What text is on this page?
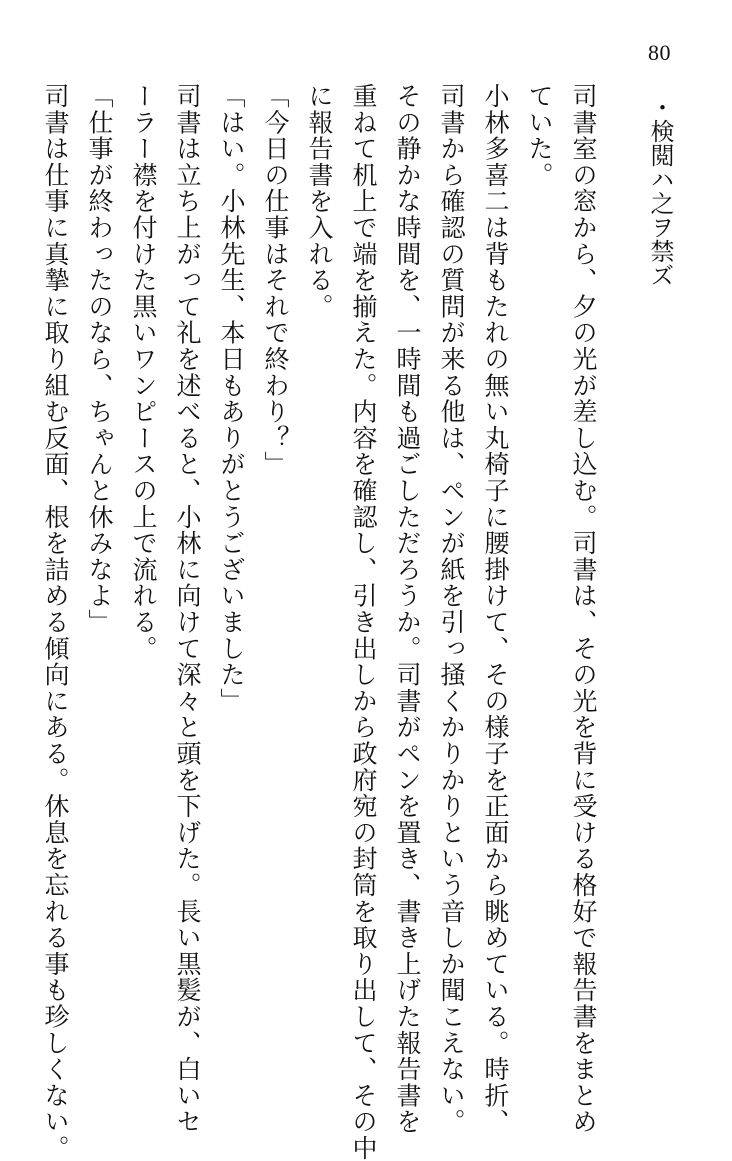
80
・検閲ハ之ヲ禁ズ

司書室の窓から、夕の光が差し込む。司書は、その光を背に受ける格好で報告書をまとめ
ていた。

小林多喜二は背もたれの無い丸椅子に腰掛けて、その様子を正面から眺めている。時折、
司書から確認の質問が来る他は、ペンが紙を引っ掻くかりかりという音しか聞こえない。

その静かな時間を、一時間も過ごしただろうか。司書がペンを置き、書き上げた報告書を
重ねて机上で端を揃えた。内容を確認し、引き出しから政府宛の封筒を取り出して、その中
に報告書を入れる。

「今日の仕事はそれで終わり？」

「はい。小林先生、本日もありがとうございました」

司書は立ち上がって礼を述べると、小林に向けて深々と頭を下げた。長い黒髪が、白いセ
ーラー襟を付けた黒いワンピースの上で流れる。

「仕事が終わったのなら、ちゃんと休みなよ」

司書は仕事に真摯に取り組む反面、根を詰める傾向にある。休息を忘れる事も珍しくない。
